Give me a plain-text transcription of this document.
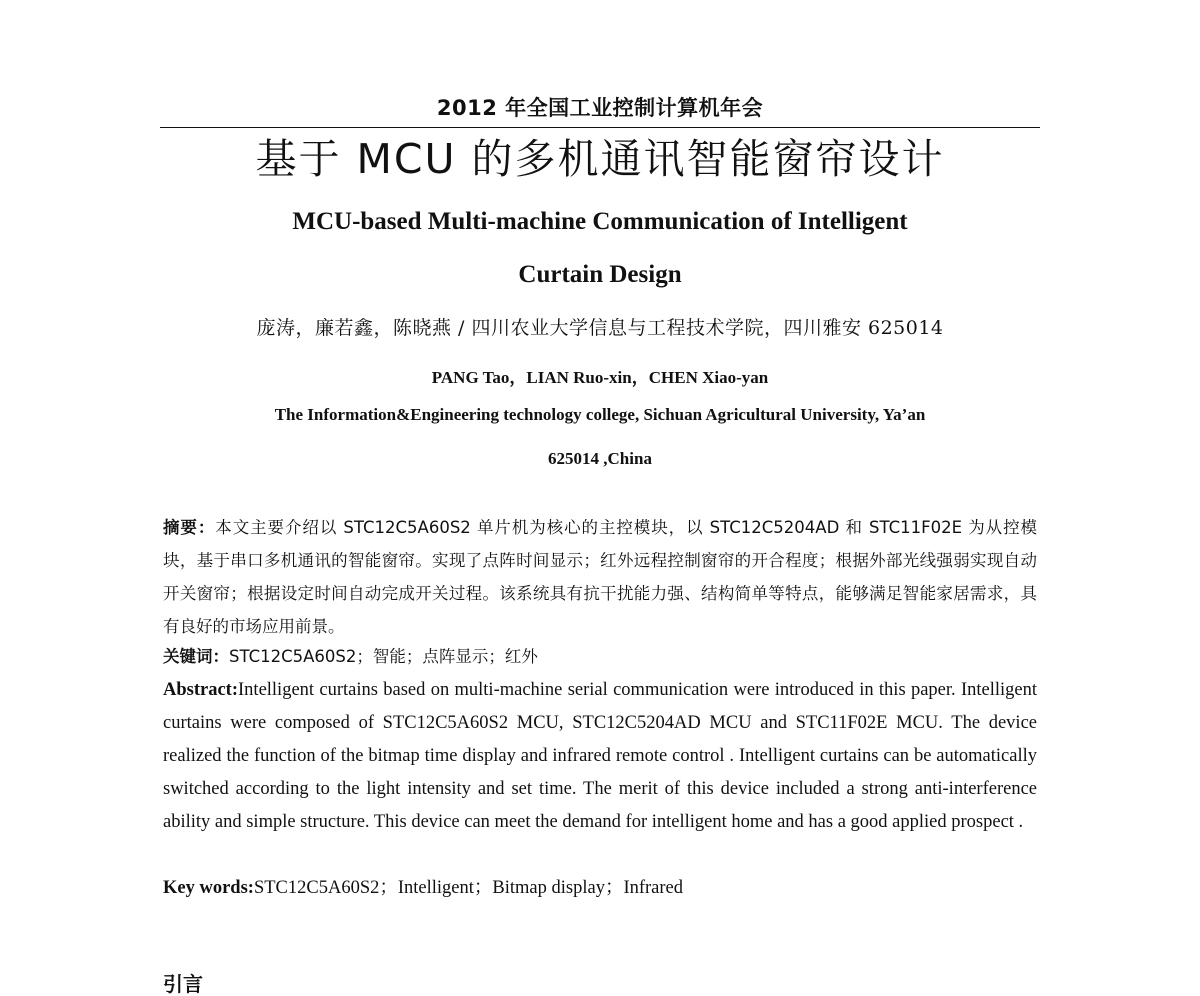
2012 年全国工业控制计算机年会
基于 MCU 的多机通讯智能窗帘设计
MCU-based Multi-machine Communication of Intelligent
Curtain Design
庞涛，廉若鑫，陈晓燕 / 四川农业大学信息与工程技术学院，四川雅安 625014
PANG Tao，LIAN Ruo-xin，CHEN Xiao-yan
The Information&Engineering technology college, Sichuan Agricultural University, Ya’an
625014 ,China

摘要：本文主要介绍以 STC12C5A60S2 单片机为核心的主控模块，以 STC12C5204AD 和 STC11F02E 为从控模块，基于串口多机通讯的智能窗帘。实现了点阵时间显示；红外远程控制窗帘的开合程度；根据外部光线强弱实现自动开关窗帘；根据设定时间自动完成开关过程。该系统具有抗干扰能力强、结构简单等特点，能够满足智能家居需求，具有良好的市场应用前景。

关键词：STC12C5A60S2；智能；点阵显示；红外

Abstract:Intelligent curtains based on multi-machine serial communication were introduced in this paper. Intelligent curtains were composed of STC12C5A60S2 MCU, STC12C5204AD MCU and STC11F02E MCU. The device realized the function of the bitmap time display and infrared remote control . Intelligent curtains can be automatically switched according to the light intensity and set time. The merit of this device included a strong anti-interference ability and simple structure. This device can meet the demand for intelligent home and has a good applied prospect .

Key words:STC12C5A60S2；Intelligent；Bitmap display；Infrared

引言
